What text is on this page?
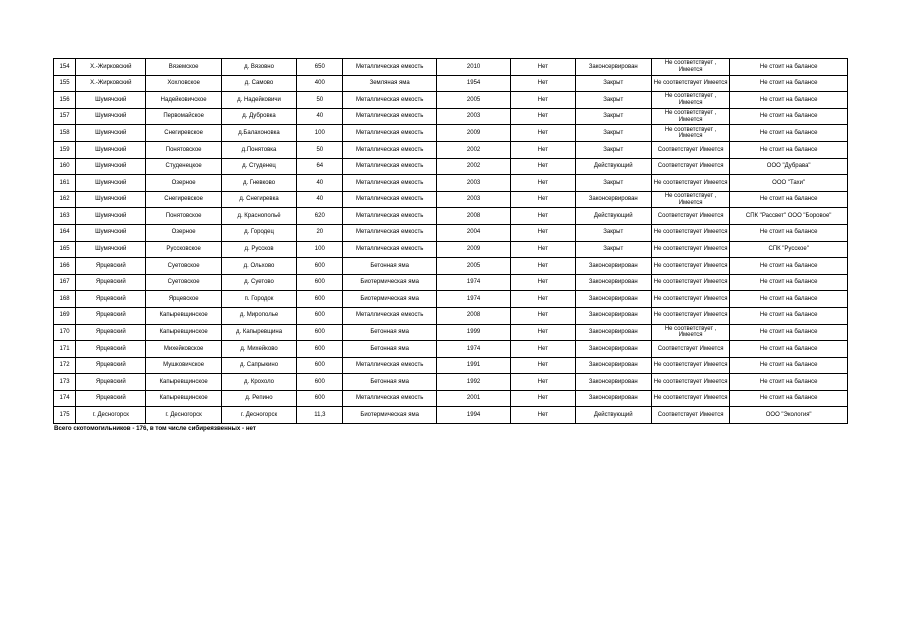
154	Х.-Жирковский	Вяземское	д. Вязовно	650	Металлическая емкость	2010	Нет	Законсервирован	Не соответствует , Имеется	Не стоит на балансе
155	Х.-Жирковский	Хохловское	д. Самово	400	Земляная яма	1954	Нет	Закрыт	Не соответствует Имеется	Не стоит на балансе
156	Шумячский	Надейковичское	д. Надейковичи	50	Металлическая емкость	2005	Нет	Закрыт	Не соответствует , Имеется	Не стоит на балансе
157	Шумячский	Первомайское	д. Дубровка	40	Металлическая емкость	2003	Нет	Закрыт	Не соответствует , Имеется	Не стоит на балансе
158	Шумячский	Снегиревское	д.Балахоновка	100	Металлическая емкость	2009	Нет	Закрыт	Не соответствует , Имеется	Не стоит на балансе
159	Шумячский	Понятовское	д.Понятовка	50	Металлическая емкость	2002	Нет	Закрыт	Соответствует Имеется	Не стоит на балансе
160	Шумячский	Студенецкое	д. Студенец	64	Металлическая емкость	2002	Нет	Действующий	Соответствует Имеется	ООО "Дубрава"
161	Шумячский	Озерное	д. Гневково	40	Металлическая емкость	2003	Нет	Закрыт	Не соответствует Имеется	ООО "Тахи"
162	Шумячский	Снегиревское	д. Снегиревка	40	Металлическая емкость	2003	Нет	Законсервирован	Не соответствует , Имеется	Не стоит на балансе
163	Шумячский	Понятовское	д. Краснопольё	620	Металлическая емкость	2008	Нет	Действующий	Соответствует Имеется	СПК "Рассвет" ООО "Боровое"
164	Шумячский	Озерное	д. Городец	20	Металлическая емкость	2004	Нет	Закрыт	Не соответствует Имеется	Не стоит на балансе
165	Шумячский	Руссковское	д. Руссков	100	Металлическая емкость	2009	Нет	Закрыт	Не соответствует Имеется	СПК "Русское"
166	Ярцевский	Суетовское	д. Ольхово	600	Бетонная яма	2005	Нет	Законсервирован	Не соответствует Имеется	Не стоит на балансе
167	Ярцевский	Суетовское	д. Суетово	600	Биотермическая яма	1974	Нет	Законсервирован	Не соответствует Имеется	Не стоит на балансе
168	Ярцевский	Ярцевское	п. Городок	600	Биотермическая яма	1974	Нет	Законсервирован	Не соответствует Имеется	Не стоит на балансе
169	Ярцевский	Капыревщинское	д. Мирополье	600	Металлическая емкость	2008	Нет	Законсервирован	Не соответствует Имеется	Не стоит на балансе
170	Ярцевский	Капыревщинское	д. Капыревщина	600	Бетонная яма	1999	Нет	Законсервирован	Не соответствует , Имеется	Не стоит на балансе
171	Ярцевский	Михейковское	д. Михейково	600	Бетонная яма	1974	Нет	Законсервирован	Соответствует Имеется	Не стоит на балансе
172	Ярцевский	Мушковичское	д. Сапрыкино	600	Металлическая емкость	1991	Нет	Законсервирован	Не соответствует Имеется	Не стоит на балансе
173	Ярцевский	Капыревщинское	д. Крохоло	600	Бетонная яма	1992	Нет	Законсервирован	Не соответствует Имеется	Не стоит на балансе
174	Ярцевский	Капыревщинское	д. Репино	600	Металлическая емкость	2001	Нет	Законсервирован	Не соответствует Имеется	Не стоит на балансе
175	г. Десногорск	г. Десногорск	г. Десногорск	11,3	Биотермическая яма	1994	Нет	Действующий	Соответствует Имеется	ООО "Экология"
Всего скотомогильников - 176, в том числе сибиреязвенных - нет
